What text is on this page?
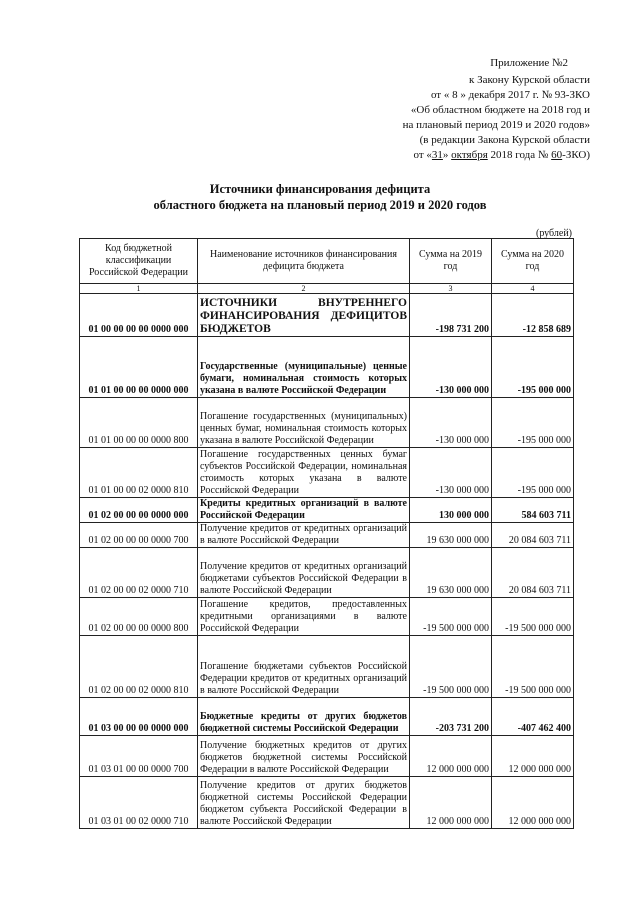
Приложение №2
к Закону Курской области
от « 8 » декабря 2017 г. № 93-ЗКО
«Об областном бюджете на 2018 год и
на плановый период 2019 и 2020 годов»
(в редакции Закона Курской области
от «31» октября 2018 года № 60-ЗКО)
Источники финансирования дефицита
областного бюджета на плановый период 2019 и 2020 годов
(рублей)
Код бюджетной классификации Российской Федерации	Наименование источников финансирования дефицита бюджета	Сумма на 2019 год	Сумма на 2020 год
1	2	3	4
01 00 00 00 00 0000 000	ИСТОЧНИКИ ВНУТРЕННЕГО ФИНАНСИРОВАНИЯ ДЕФИЦИТОВ БЮДЖЕТОВ	-198 731 200	-12 858 689
01 01 00 00 00 0000 000	Государственные (муниципальные) ценные бумаги, номинальная стоимость которых указана в валюте Российской Федерации	-130 000 000	-195 000 000
01 01 00 00 00 0000 800	Погашение государственных (муниципальных) ценных бумаг, номинальная стоимость которых указана в валюте Российской Федерации	-130 000 000	-195 000 000
01 01 00 00 02 0000 810	Погашение государственных ценных бумаг субъектов Российской Федерации, номинальная стоимость которых указана в валюте Российской Федерации	-130 000 000	-195 000 000
01 02 00 00 00 0000 000	Кредиты кредитных организаций в валюте Российской Федерации	130 000 000	584 603 711
01 02 00 00 00 0000 700	Получение кредитов от кредитных организаций в валюте Российской Федерации	19 630 000 000	20 084 603 711
01 02 00 00 02 0000 710	Получение кредитов от кредитных организаций бюджетами субъектов Российской Федерации в валюте Российской Федерации	19 630 000 000	20 084 603 711
01 02 00 00 00 0000 800	Погашение кредитов, предоставленных кредитными организациями в валюте Российской Федерации	-19 500 000 000	-19 500 000 000
01 02 00 00 02 0000 810	Погашение бюджетами субъектов Российской Федерации кредитов от кредитных организаций в валюте Российской Федерации	-19 500 000 000	-19 500 000 000
01 03 00 00 00 0000 000	Бюджетные кредиты от других бюджетов бюджетной системы Российской Федерации	-203 731 200	-407 462 400
01 03 01 00 00 0000 700	Получение бюджетных кредитов от других бюджетов бюджетной системы Российской Федерации в валюте Российской Федерации	12 000 000 000	12 000 000 000
01 03 01 00 02 0000 710	Получение кредитов от других бюджетов бюджетной системы Российской Федерации бюджетом субъекта Российской Федерации в валюте Российской Федерации	12 000 000 000	12 000 000 000
